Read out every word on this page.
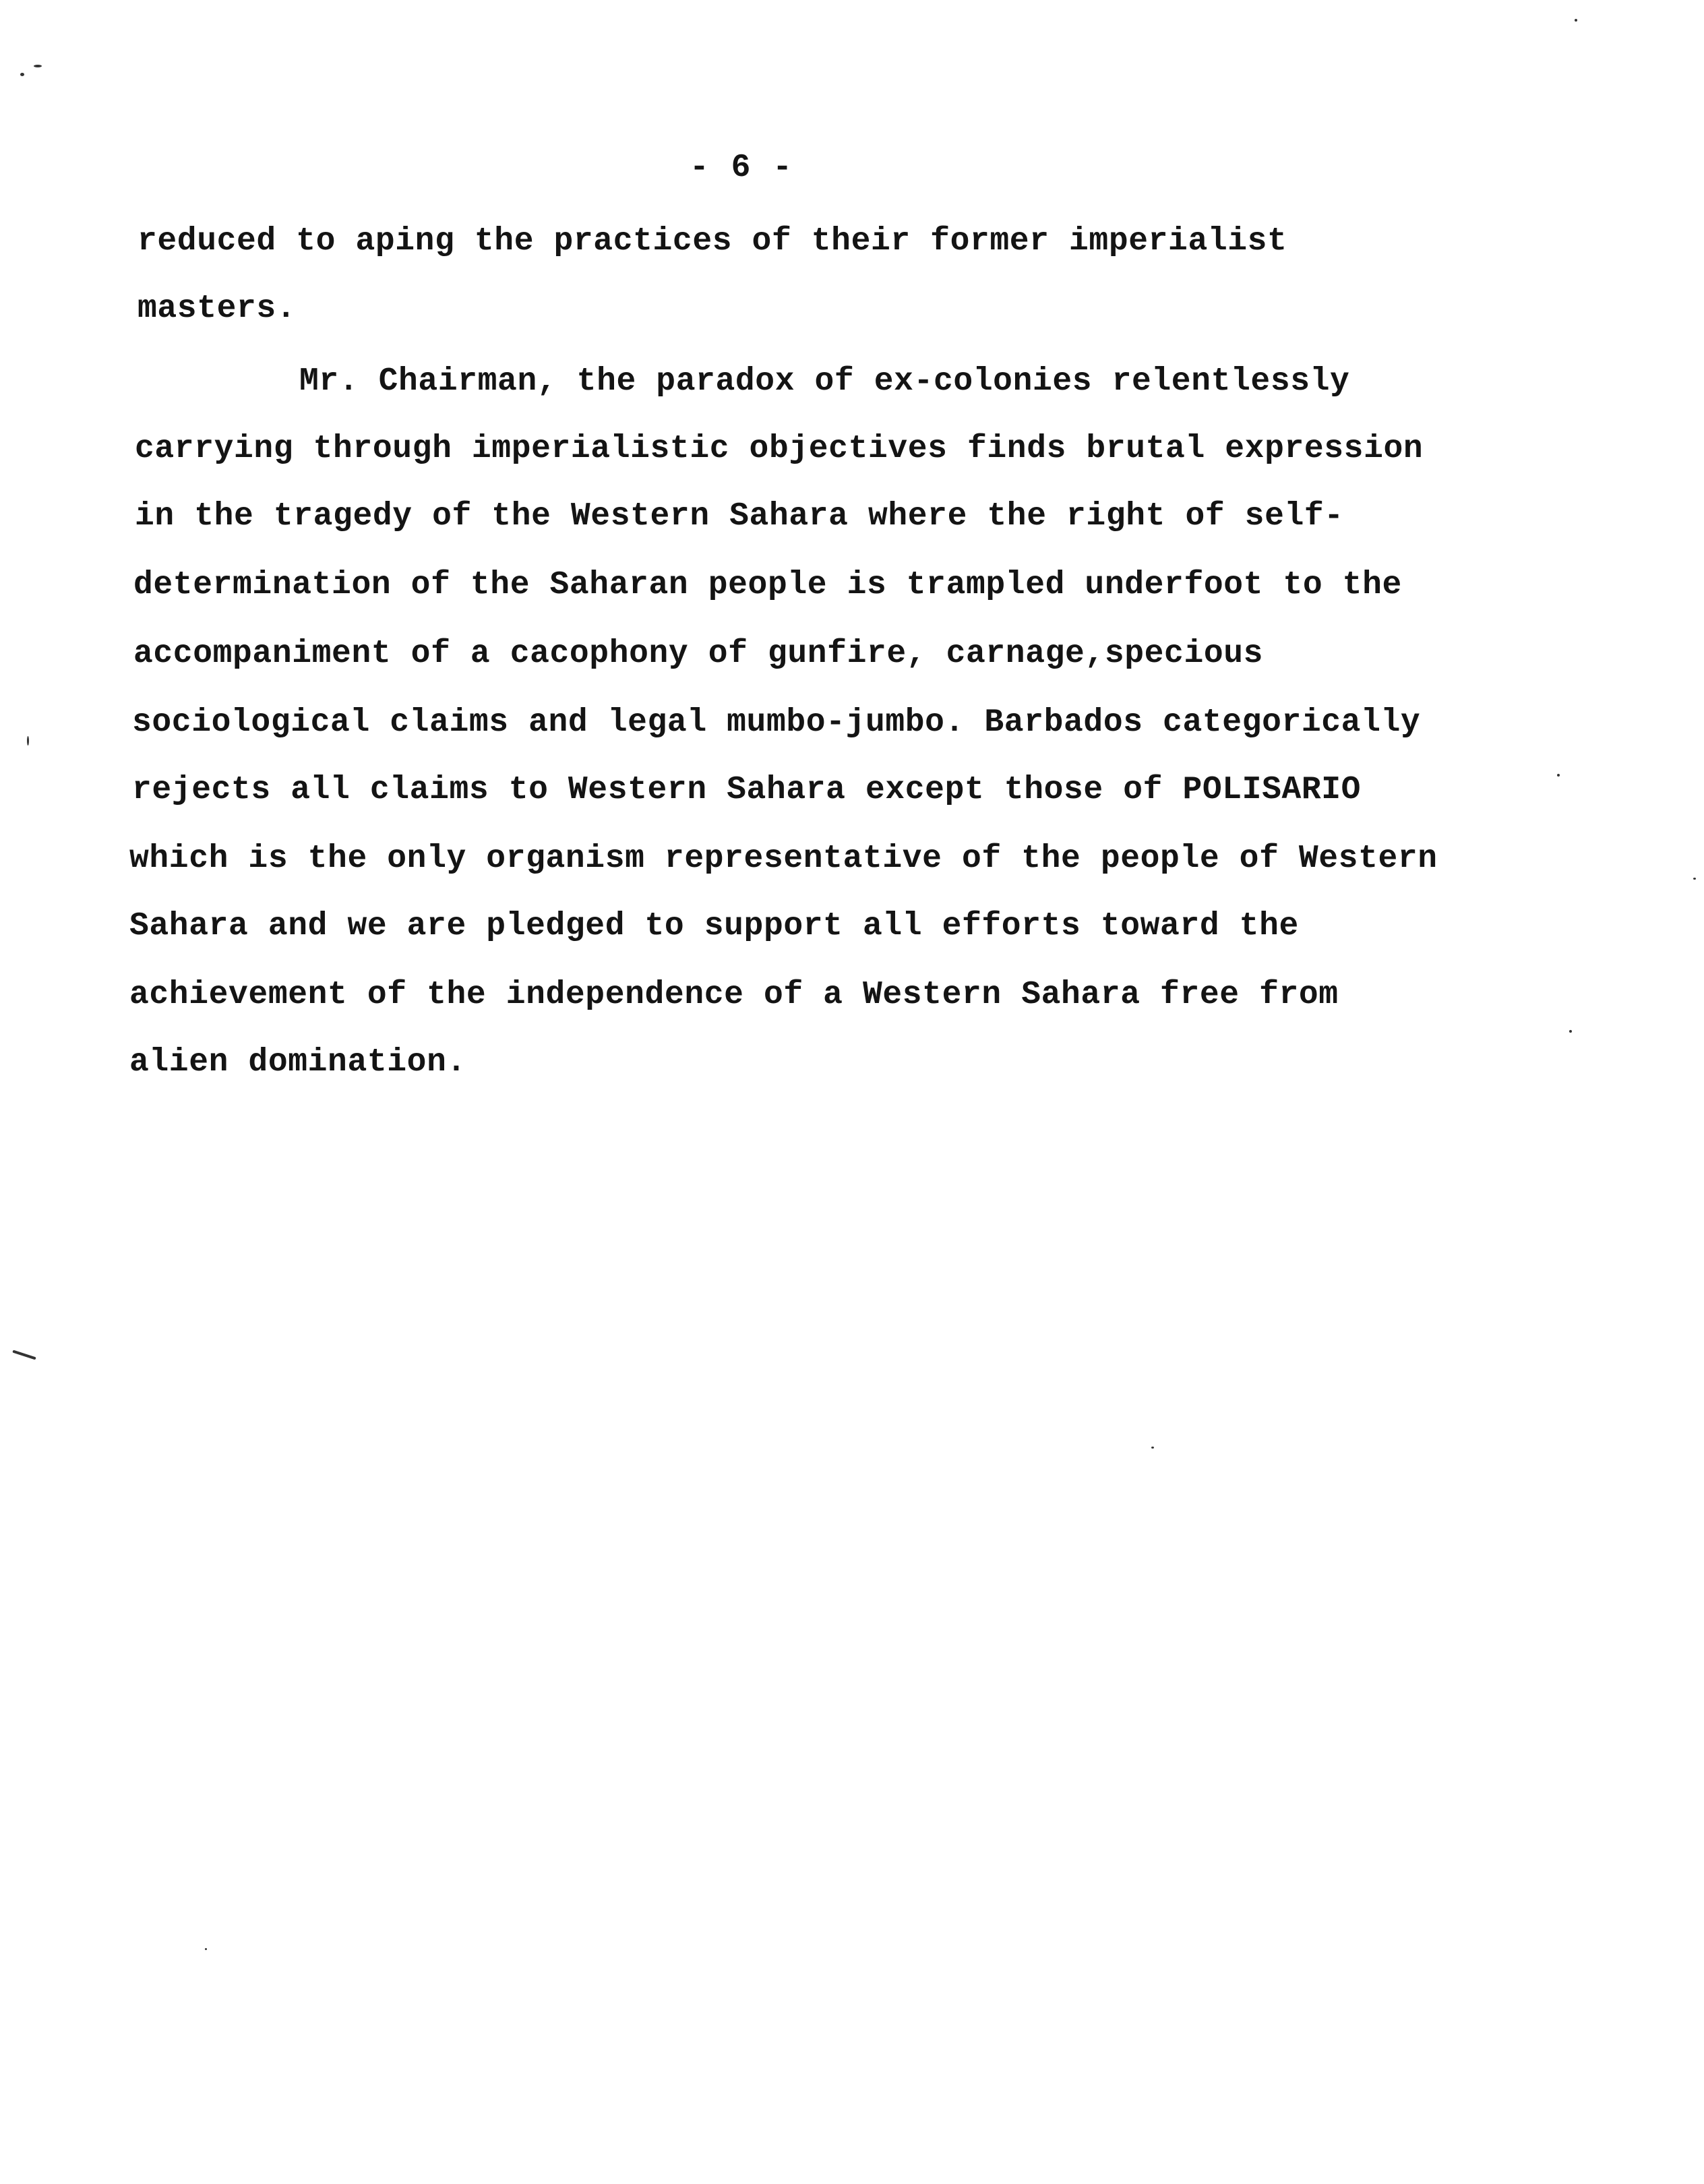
- 6 -
reduced to aping the practices of their former imperialist
masters.
Mr. Chairman, the paradox of ex-colonies relentlessly
carrying through imperialistic objectives finds brutal expression
in the tragedy of the Western Sahara where the right of self-
determination of the Saharan people is trampled underfoot to the
accompaniment of a cacophony of gunfire, carnage,specious
sociological claims and legal mumbo-jumbo. Barbados categorically
rejects all claims to Western Sahara except those of POLISARIO
which is the only organism representative of the people of Western
Sahara and we are pledged to support all efforts toward the
achievement of the independence of a Western Sahara free from
alien domination.
